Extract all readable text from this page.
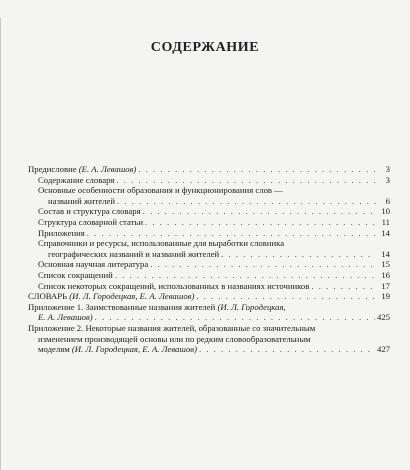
СОДЕРЖАНИЕ
Предисловие (Е. А. Левашов) . . .	3
Содержание словаря . . .	3
Основные особенности образования и функционирования слов —
названий жителей . . .	6
Состав и структура словаря . . .	10
Структура словарной статьи . . .	11
Приложения . . .	14
Справочники и ресурсы, использованные для выработки словника
географических названий и названий жителей . . .	14
Основная научная литература . . .	15
Список сокращений . . .	16
Список некоторых сокращений, использованных в названиях источников . . .	17
СЛОВАРЬ (И. Л. Городецкая, Е. А. Левашов) . . .	19
Приложение 1. Заимствованные названия жителей (И. Л. Городецкая,
Е. А. Левашов) . . .	425
Приложение 2. Некоторые названия жителей, образованные со значительным
изменением производящей основы или по редким словообразовательным
моделям (И. Л. Городецкая, Е. А. Левашов) . . .	427
